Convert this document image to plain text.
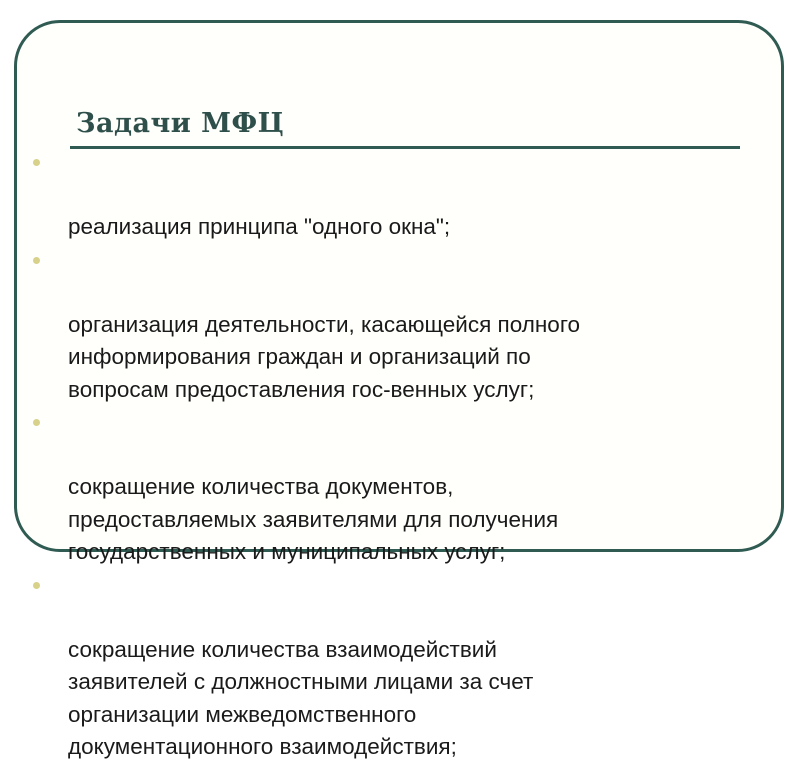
Задачи МФЦ

реализация принципа "одного окна";

организация деятельности, касающейся полного
информирования граждан и организаций по
вопросам предоставления гос-венных услуг;

сокращение количества документов,
предоставляемых заявителями для получения
государственных и муниципальных услуг;

сокращение количества взаимодействий
заявителей с должностными лицами за счет
организации межведомственного
документационного взаимодействия;
